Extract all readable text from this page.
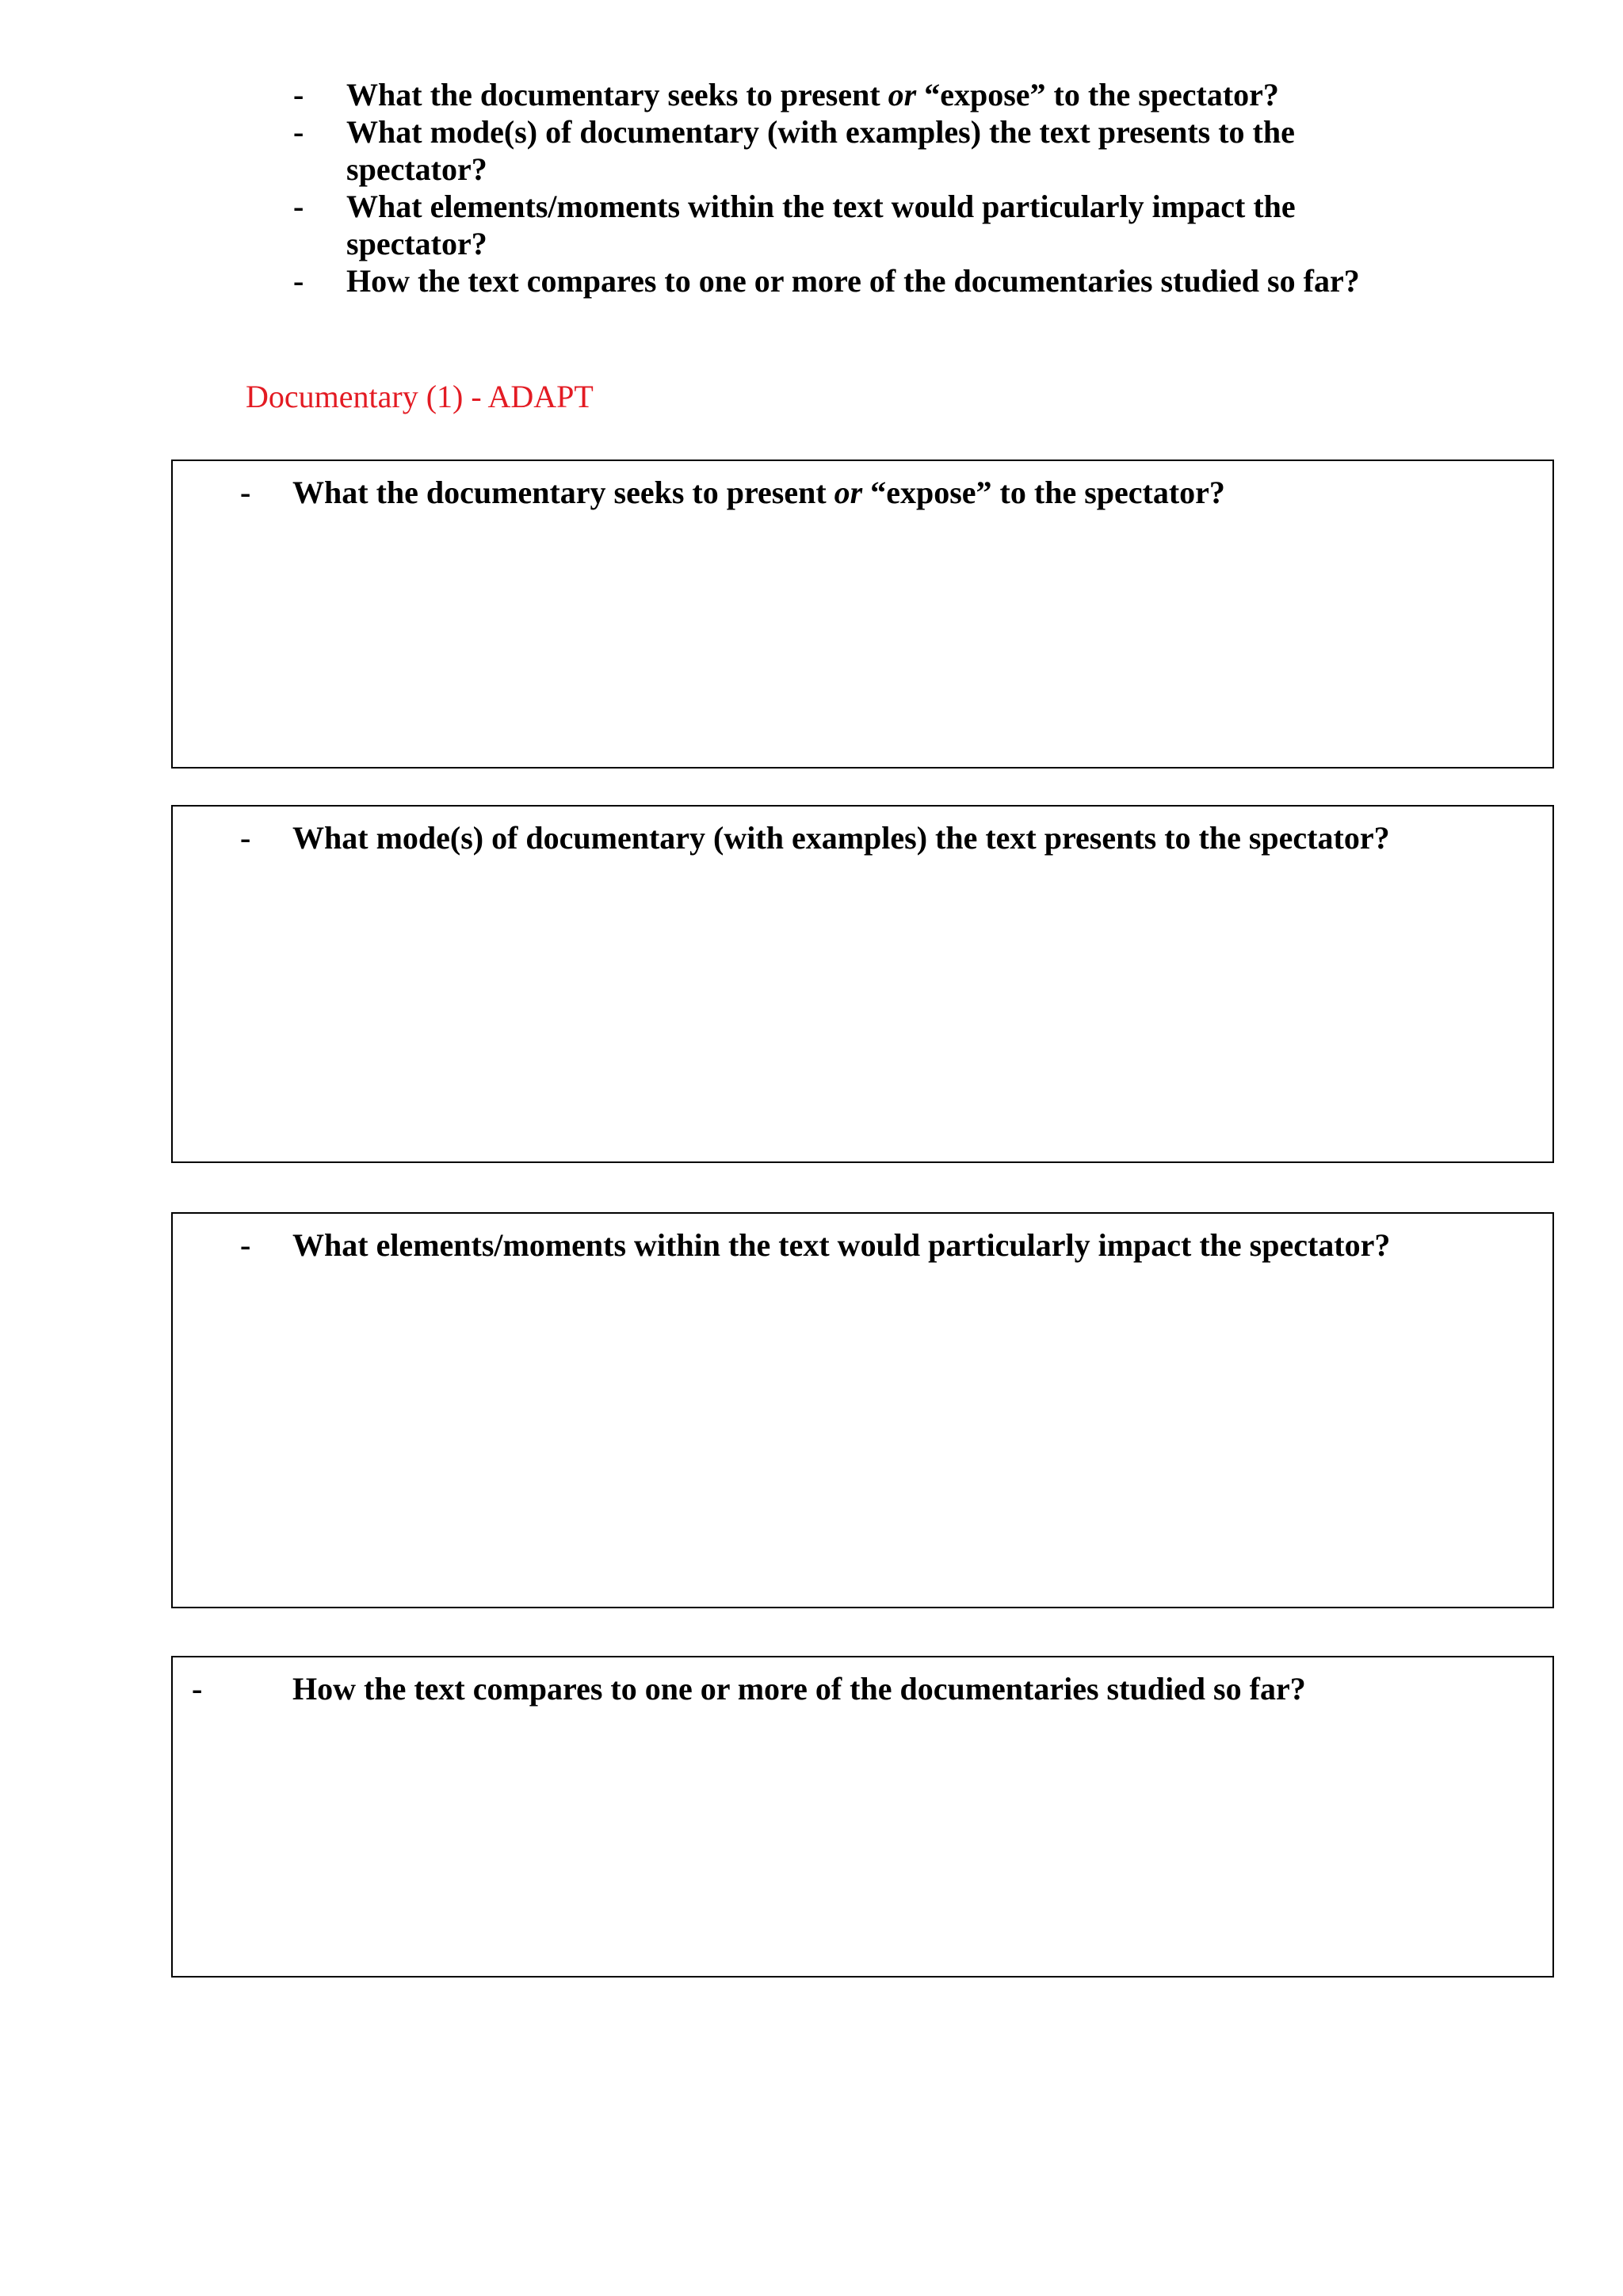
- What the documentary seeks to present or “expose” to the spectator?
- What mode(s) of documentary (with examples) the text presents to the spectator?
- What elements/moments within the text would particularly impact the spectator?
- How the text compares to one or more of the documentaries studied so far?
Documentary (1) - ADAPT
- What the documentary seeks to present or “expose” to the spectator?
- What mode(s) of documentary (with examples) the text presents to the spectator?
- What elements/moments within the text would particularly impact the spectator?
-	How the text compares to one or more of the documentaries studied so far?
